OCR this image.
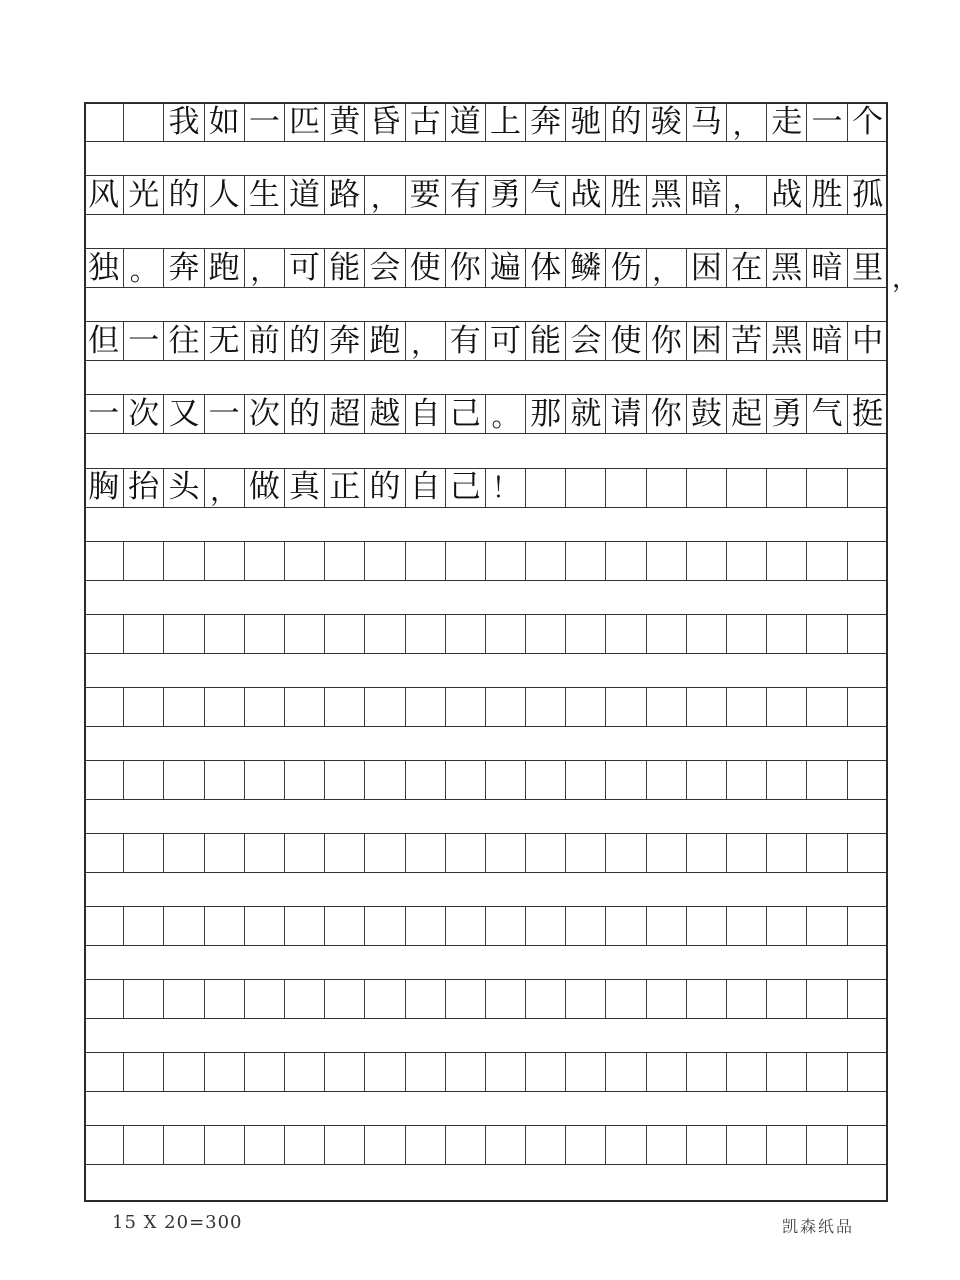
我 如 一 匹 黄 昏 古 道 上 奔 驰 的 骏 马 ， 走 一 个
风 光 的 人 生 道 路 ， 要 有 勇 气 战 胜 黑 暗 ， 战 胜 孤
独 。 奔 跑 ， 可 能 会 使 你 遍 体 鳞 伤 ， 困 在 黑 暗 里
但 一 往 无 前 的 奔 跑 ， 有 可 能 会 使 你 困 苦 黑 暗 中
一 次 又 一 次 的 超 越 自 己 。 那 就 请 你 鼓 起 勇 气 挺
胸 抬 头 ， 做 真 正 的 自 己 ！
，
15 X 20=300	凯森纸品
